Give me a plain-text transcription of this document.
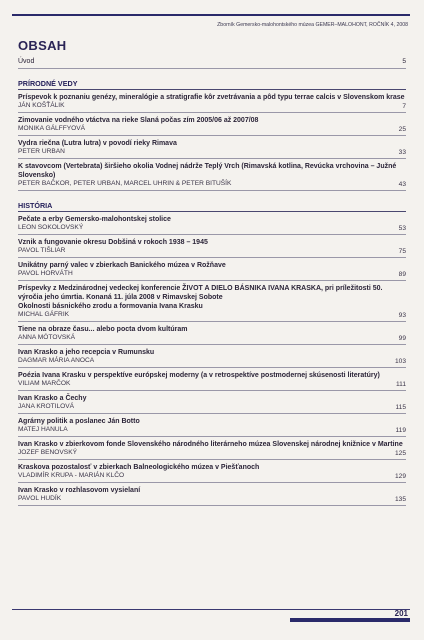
Zborník Gemersko-malohontského múzea GEMER–MALOHONT, ROČNÍK 4, 2008
OBSAH
Úvod	5
PRÍRODNÉ VEDY
Príspevok k poznaniu genézy, mineralógie a stratigrafie kôr zvetrávania a pôd typu terrae calcis v Slovenskom krase
JÁN KOŠŤÁLIK	7
Zimovanie vodného vtáctva na rieke Slaná počas zím 2005/06 až 2007/08
MONIKA GÁLFFYOVÁ	25
Vydra riečna (Lutra lutra) v povodí rieky Rimava
PETER URBAN	33
K stavovcom (Vertebrata) širšieho okolia Vodnej nádrže Teplý Vrch (Rimavská kotlina, Revúcka vrchovina – Južné Slovensko)
PETER BAČKOR, PETER URBAN, MARCEL UHRIN & PETER BITUŠÍK	43
HISTÓRIA
Pečate a erby Gemersko-malohontskej stolice
LEON SOKOLOVSKÝ	53
Vznik a fungovanie okresu Dobšiná v rokoch 1938 – 1945
PAVOL TIŠLIAR	75
Unikátny parný valec v zbierkach Banického múzea v Rožňave
PAVOL HORVÁTH	89
Príspevky z Medzinárodnej vedeckej konferencie ŽIVOT A DIELO BÁSNIKA IVANA KRASKA, pri príležitosti 50. výročia jeho úmrtia. Konaná 11. júla 2008 v Rimavskej Sobote
Okolnosti básnického zrodu a formovania Ivana Krasku
MICHAL GÁFRIK	93
Tiene na obraze času... alebo pocta dvom kultúram
ANNA MÓTOVSKÁ	99
Ivan Krasko a jeho recepcia v Rumunsku
DAGMAR MÁRIA ANOCA	103
Poézia Ivana Krasku v perspektíve európskej moderny (a v retrospektíve postmodernej skúsenosti literatúry)
VILIAM MARČOK	111
Ivan Krasko a Čechy
JANA KROTILOVÁ	115
Agrárny politik a poslanec Ján Botto
MATEJ HANULA	119
Ivan Krasko v zbierkovom fonde Slovenského národného literárneho múzea Slovenskej národnej knižnice v Martine
JOZEF BENOVSKÝ	125
Kraskova pozostalosť v zbierkach Balneologického múzea v Piešťanoch
VLADIMÍR KRUPA - MARIÁN KLČO	129
Ivan Krasko v rozhlasovom vysielaní
PAVOL HUDÍK	135
201
